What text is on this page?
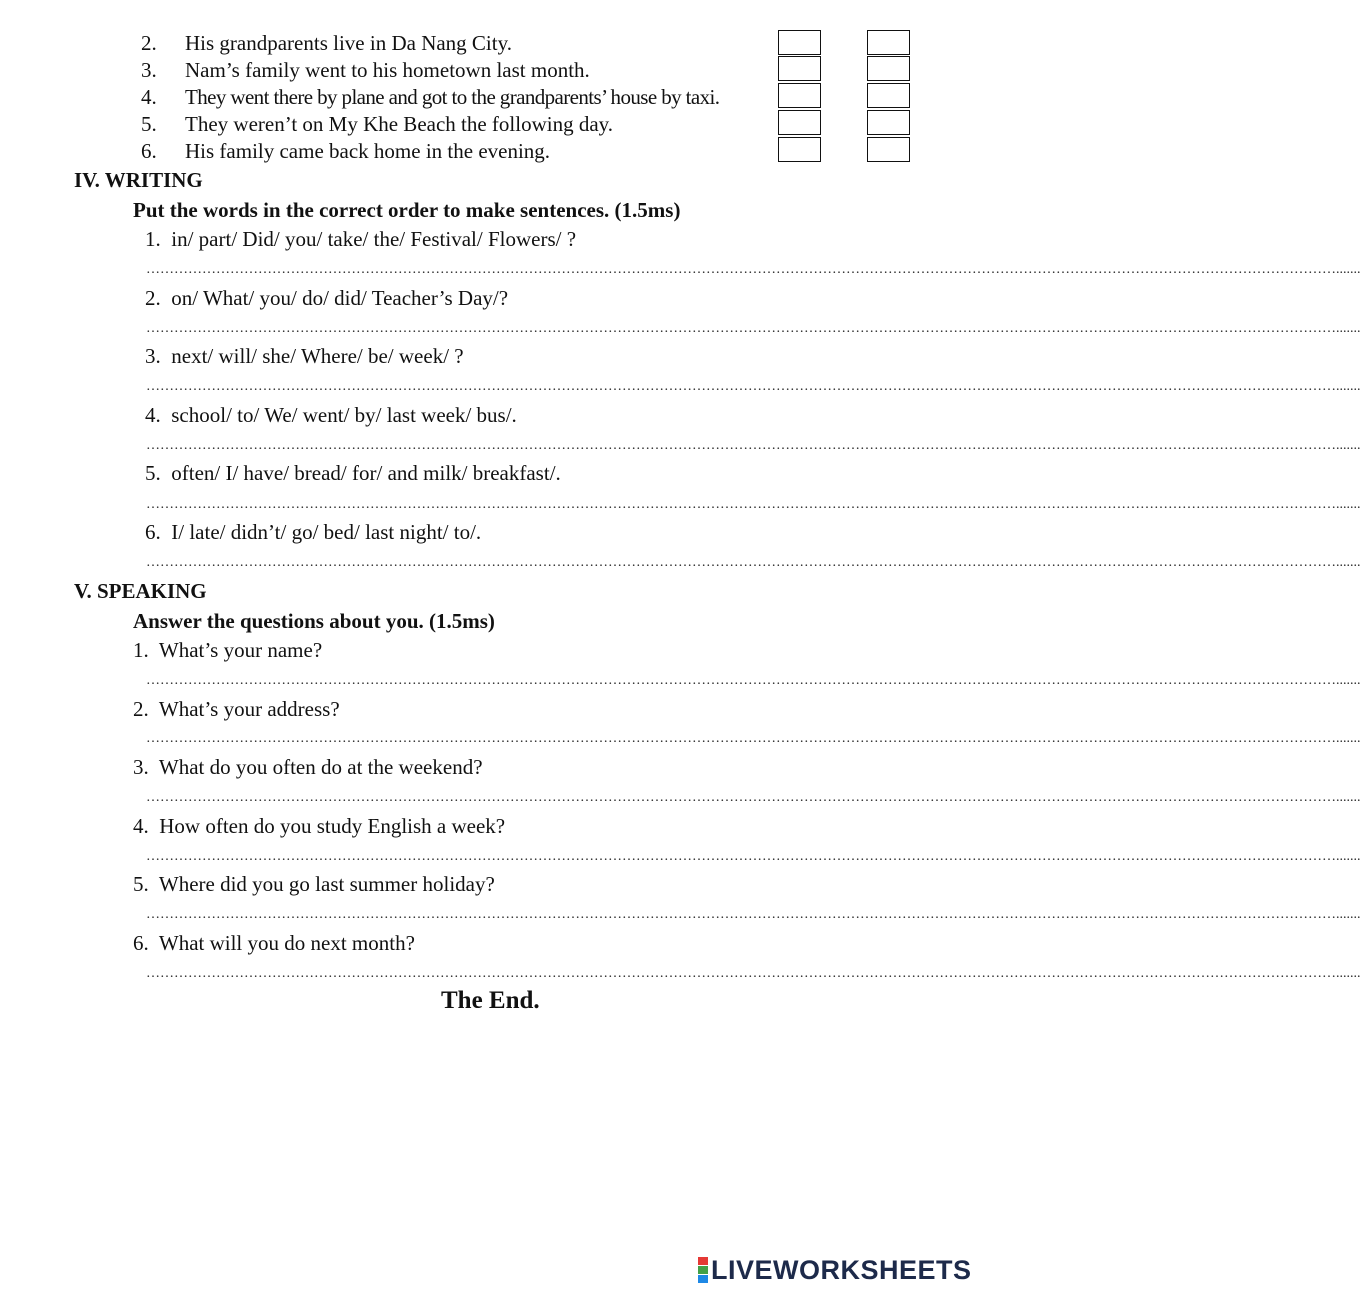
2. His grandparents live in Da Nang City.
3. Nam’s family went to his hometown last month.
4. They went there by plane and got to the grandparents’ house by taxi.
5. They weren’t on My Khe Beach the following day.
6. His family came back home in the evening.
IV. WRITING
Put the words in the correct order to make sentences. (1.5ms)
1. in/ part/ Did/ you/ take/ the/ Festival/ Flowers/ ?
………………………………………………………………………………………………………………………………………………………………………………………………………………………………….......
2. on/ What/ you/ do/ did/ Teacher’s Day/?
………………………………………………………………………………………………………………………………………………………………………………………………………………………………….......
3. next/ will/ she/ Where/ be/ week/ ?
………………………………………………………………………………………………………………………………………………………………………………………………………………………………….......
4. school/ to/ We/ went/ by/ last week/ bus/.
………………………………………………………………………………………………………………………………………………………………………………………………………………………………….......
5. often/ I/ have/ bread/ for/ and milk/ breakfast/.
………………………………………………………………………………………………………………………………………………………………………………………………………………………………….......
6. I/ late/ didn’t/ go/ bed/ last night/ to/.
………………………………………………………………………………………………………………………………………………………………………………………………………………………………….......
V. SPEAKING
Answer the questions about you. (1.5ms)
1. What’s your name?
………………………………………………………………………………………………………………………………………………………………………………………………………………………………….......
2. What’s your address?
………………………………………………………………………………………………………………………………………………………………………………………………………………………………….......
3. What do you often do at the weekend?
………………………………………………………………………………………………………………………………………………………………………………………………………………………………….......
4. How often do you study English a week?
………………………………………………………………………………………………………………………………………………………………………………………………………………………………….......
5. Where did you go last summer holiday?
………………………………………………………………………………………………………………………………………………………………………………………………………………………………….......
6. What will you do next month?
………………………………………………………………………………………………………………………………………………………………………………………………………………………………….......
The End.
LIVEWORKSHEETS
